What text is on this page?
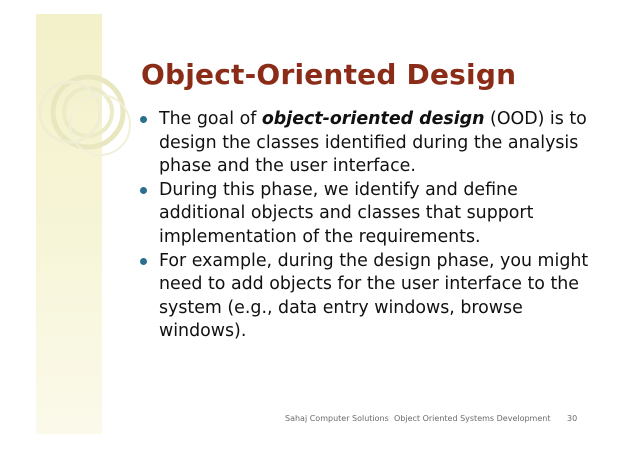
Object-Oriented Design
The goal of object-oriented design (OOD) is to design the classes identified during the analysis phase and the user interface.
During this phase, we identify and define additional objects and classes that support implementation of the requirements.
For example, during the design phase, you might need to add objects for the user interface to the system (e.g., data entry windows, browse windows).
Sahaj Computer Solutions Object Oriented Systems Development 30
